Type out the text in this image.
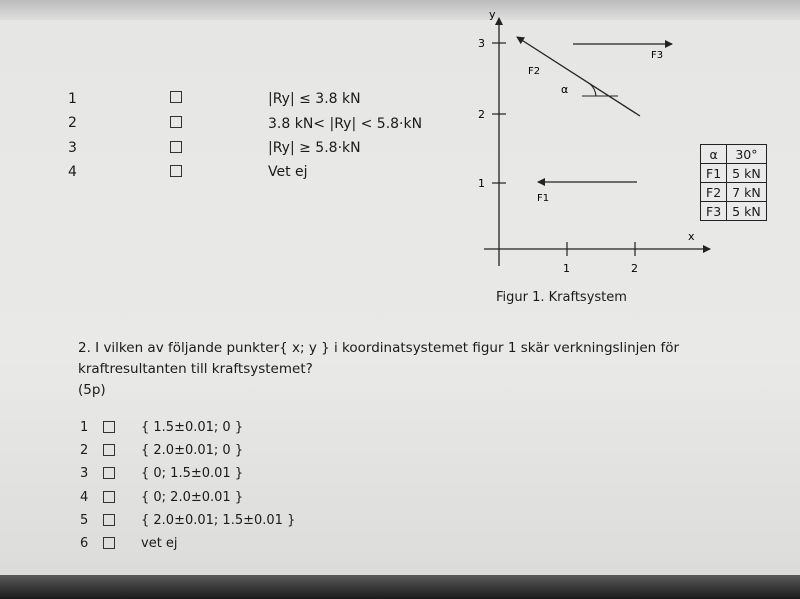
1	|Ry| ≤ 3.8 kN
2	3.8 kN< |Ry| < 5.8·kN
3	|Ry| ≥ 5.8·kN
4	Vet ej
y
x
3
2
1
1	2
F2
α
F3
F1
α	30°
F1	5 kN
F2	7 kN
F3	5 kN
Figur 1. Kraftsystem
2. I vilken av följande punkter{ x; y } i koordinatsystemet figur 1 skär verkningslinjen för kraftresultanten till kraftsystemet?
(5p)
1	{ 1.5±0.01; 0 }
2	{ 2.0±0.01; 0 }
3	{ 0; 1.5±0.01 }
4	{ 0; 2.0±0.01 }
5	{ 2.0±0.01; 1.5±0.01 }
6	vet ej
